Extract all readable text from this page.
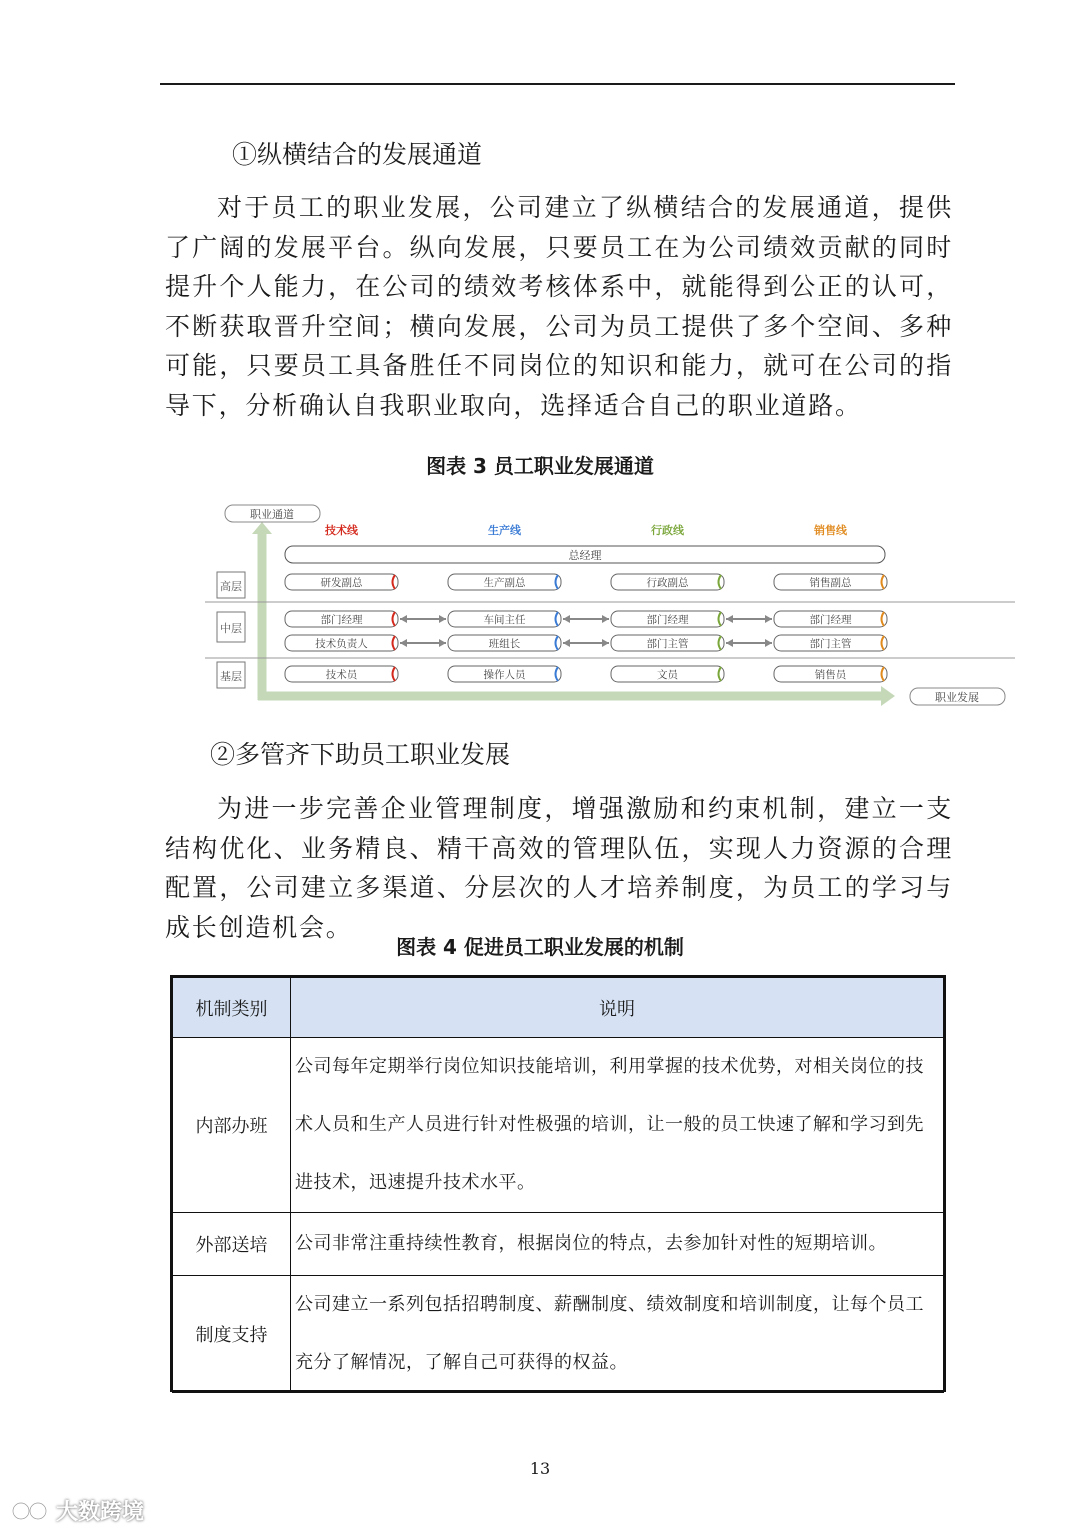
①纵横结合的发展通道

对于员工的职业发展，公司建立了纵横结合的发展通道，提供了广阔的发展平台。纵向发展，只要员工在为公司绩效贡献的同时提升个人能力，在公司的绩效考核体系中，就能得到公正的认可，不断获取晋升空间；横向发展，公司为员工提供了多个空间、多种可能，只要员工具备胜任不同岗位的知识和能力，就可在公司的指导下，分析确认自我职业取向，选择适合自己的职业道路。

图表 3 员工职业发展通道
职业通道
职业发展
高层
中层
基层
总经理
技术线	生产线	行政线	销售线
研发副总	生产副总	行政副总	销售副总
部门经理	车间主任	部门经理	部门经理
技术负责人	班组长	部门主管	部门主管
技术员	操作人员	文员	销售员
②多管齐下助员工职业发展

为进一步完善企业管理制度，增强激励和约束机制，建立一支结构优化、业务精良、精干高效的管理队伍，实现人力资源的合理配置，公司建立多渠道、分层次的人才培养制度，为员工的学习与成长创造机会。

图表 4 促进员工职业发展的机制
机制类别	说明
内部办班	公司每年定期举行岗位知识技能培训，利用掌握的技术优势，对相关岗位的技术人员和生产人员进行针对性极强的培训，让一般的员工快速了解和学习到先进技术，迅速提升技术水平。
外部送培	公司非常注重持续性教育，根据岗位的特点，去参加针对性的短期培训。
制度支持	公司建立一系列包括招聘制度、薪酬制度、绩效制度和培训制度，让每个员工充分了解情况，了解自己可获得的权益。
13
大数跨境
